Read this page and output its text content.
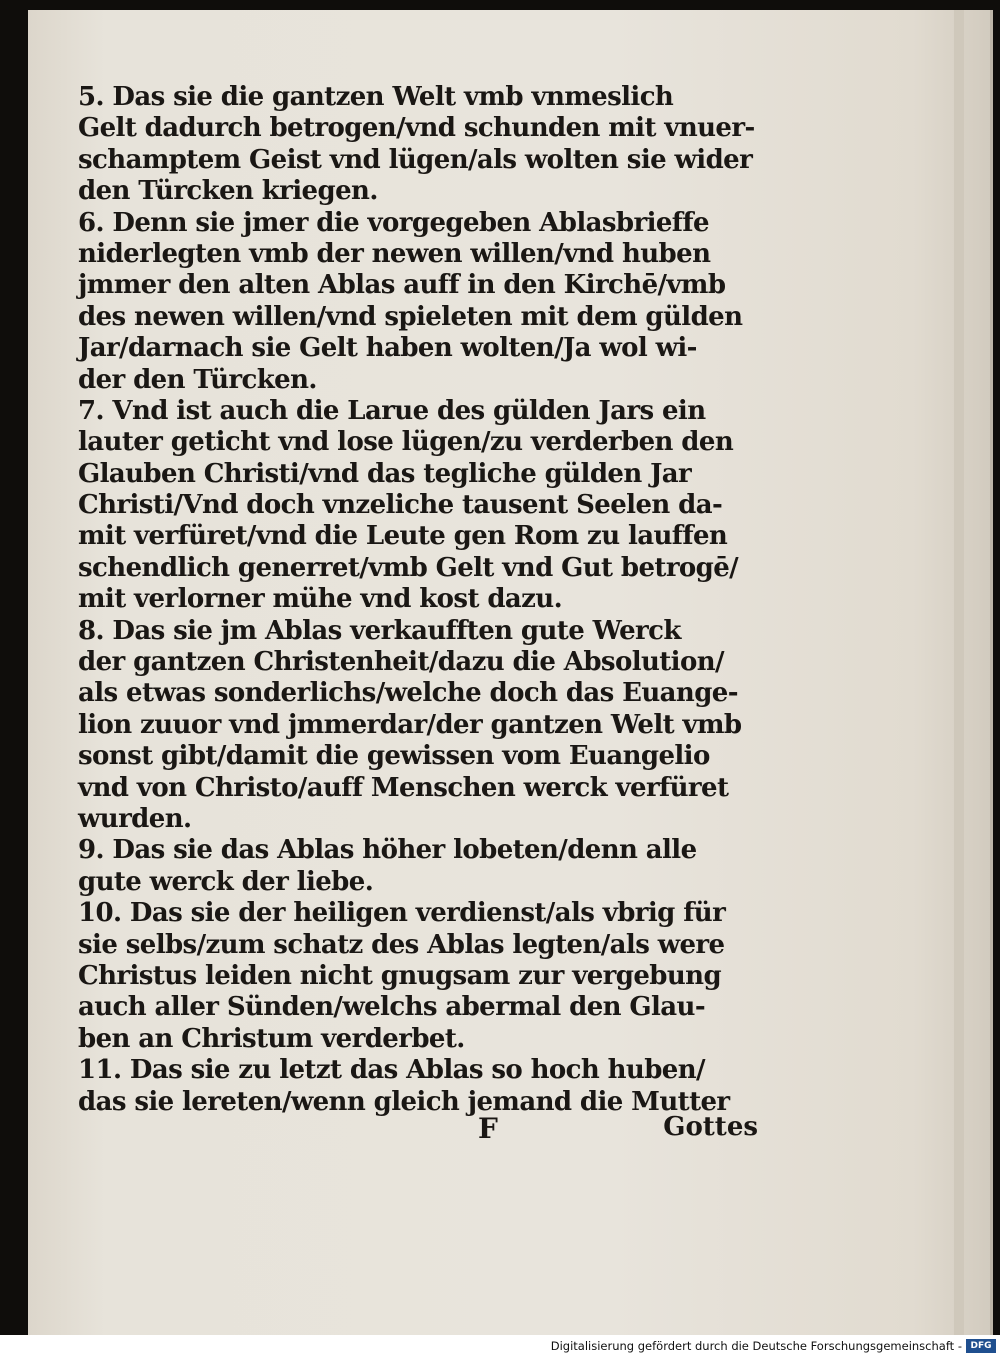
5. Das sie die gantzen Welt vmb vnmeslich
Gelt dadurch betrogen/vnd schunden mit vnuer-
schamptem Geist vnd lügen/als wolten sie wider
den Türcken kriegen.
6. Denn sie jmer die vorgegeben Ablasbrieffe
niderlegten vmb der newen willen/vnd huben
jmmer den alten Ablas auff in den Kirchē/vmb
des newen willen/vnd spieleten mit dem gülden
Jar/darnach sie Gelt haben wolten/Ja wol wi-
der den Türcken.
7. Vnd ist auch die Larue des gülden Jars ein
lauter geticht vnd lose lügen/zu verderben den
Glauben Christi/vnd das tegliche gülden Jar
Christi/Vnd doch vnzeliche tausent Seelen da-
mit verfüret/vnd die Leute gen Rom zu lauffen
schendlich generret/vmb Gelt vnd Gut betrogē/
mit verlorner mühe vnd kost dazu.
8. Das sie jm Ablas verkaufften gute Werck
der gantzen Christenheit/dazu die Absolution/
als etwas sonderlichs/welche doch das Euange-
lion zuuor vnd jmmerdar/der gantzen Welt vmb
sonst gibt/damit die gewissen vom Euangelio
vnd von Christo/auff Menschen werck verfüret
wurden.
9. Das sie das Ablas höher lobeten/denn alle
gute werck der liebe.
10. Das sie der heiligen verdienst/als vbrig für
sie selbs/zum schatz des Ablas legten/als were
Christus leiden nicht gnugsam zur vergebung
auch aller Sünden/welchs abermal den Glau-
ben an Christum verderbet.
11. Das sie zu letzt das Ablas so hoch huben/
das sie lereten/wenn gleich jemand die Mutter
F	Gottes
Digitalisierung gefördert durch die Deutsche Forschungsgemeinschaft - DFG
